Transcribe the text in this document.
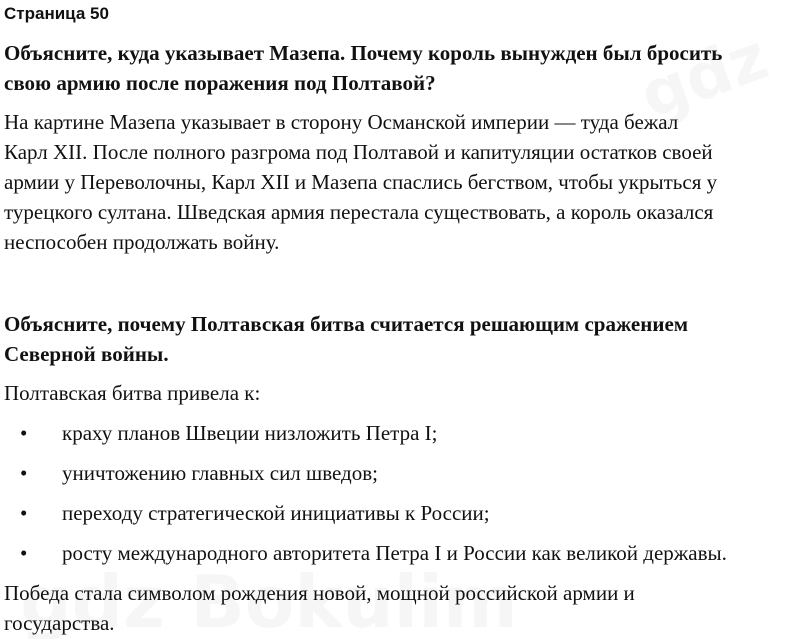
Страница 50
Объясните, куда указывает Мазепа. Почему король вынужден был бросить
свою армию после поражения под Полтавой?
На картине Мазепа указывает в сторону Османской империи — туда бежал
Карл XII. После полного разгрома под Полтавой и капитуляции остатков своей
армии у Переволочны, Карл XII и Мазепа спаслись бегством, чтобы укрыться у
турецкого султана. Шведская армия перестала существовать, а король оказался
неспособен продолжать войну.
Объясните, почему Полтавская битва считается решающим сражением
Северной войны.
Полтавская битва привела к:
• краху планов Швеции низложить Петра I;
• уничтожению главных сил шведов;
• переходу стратегической инициативы к России;
• росту международного авторитета Петра I и России как великой державы.
Победа стала символом рождения новой, мощной российской армии и
государства.
